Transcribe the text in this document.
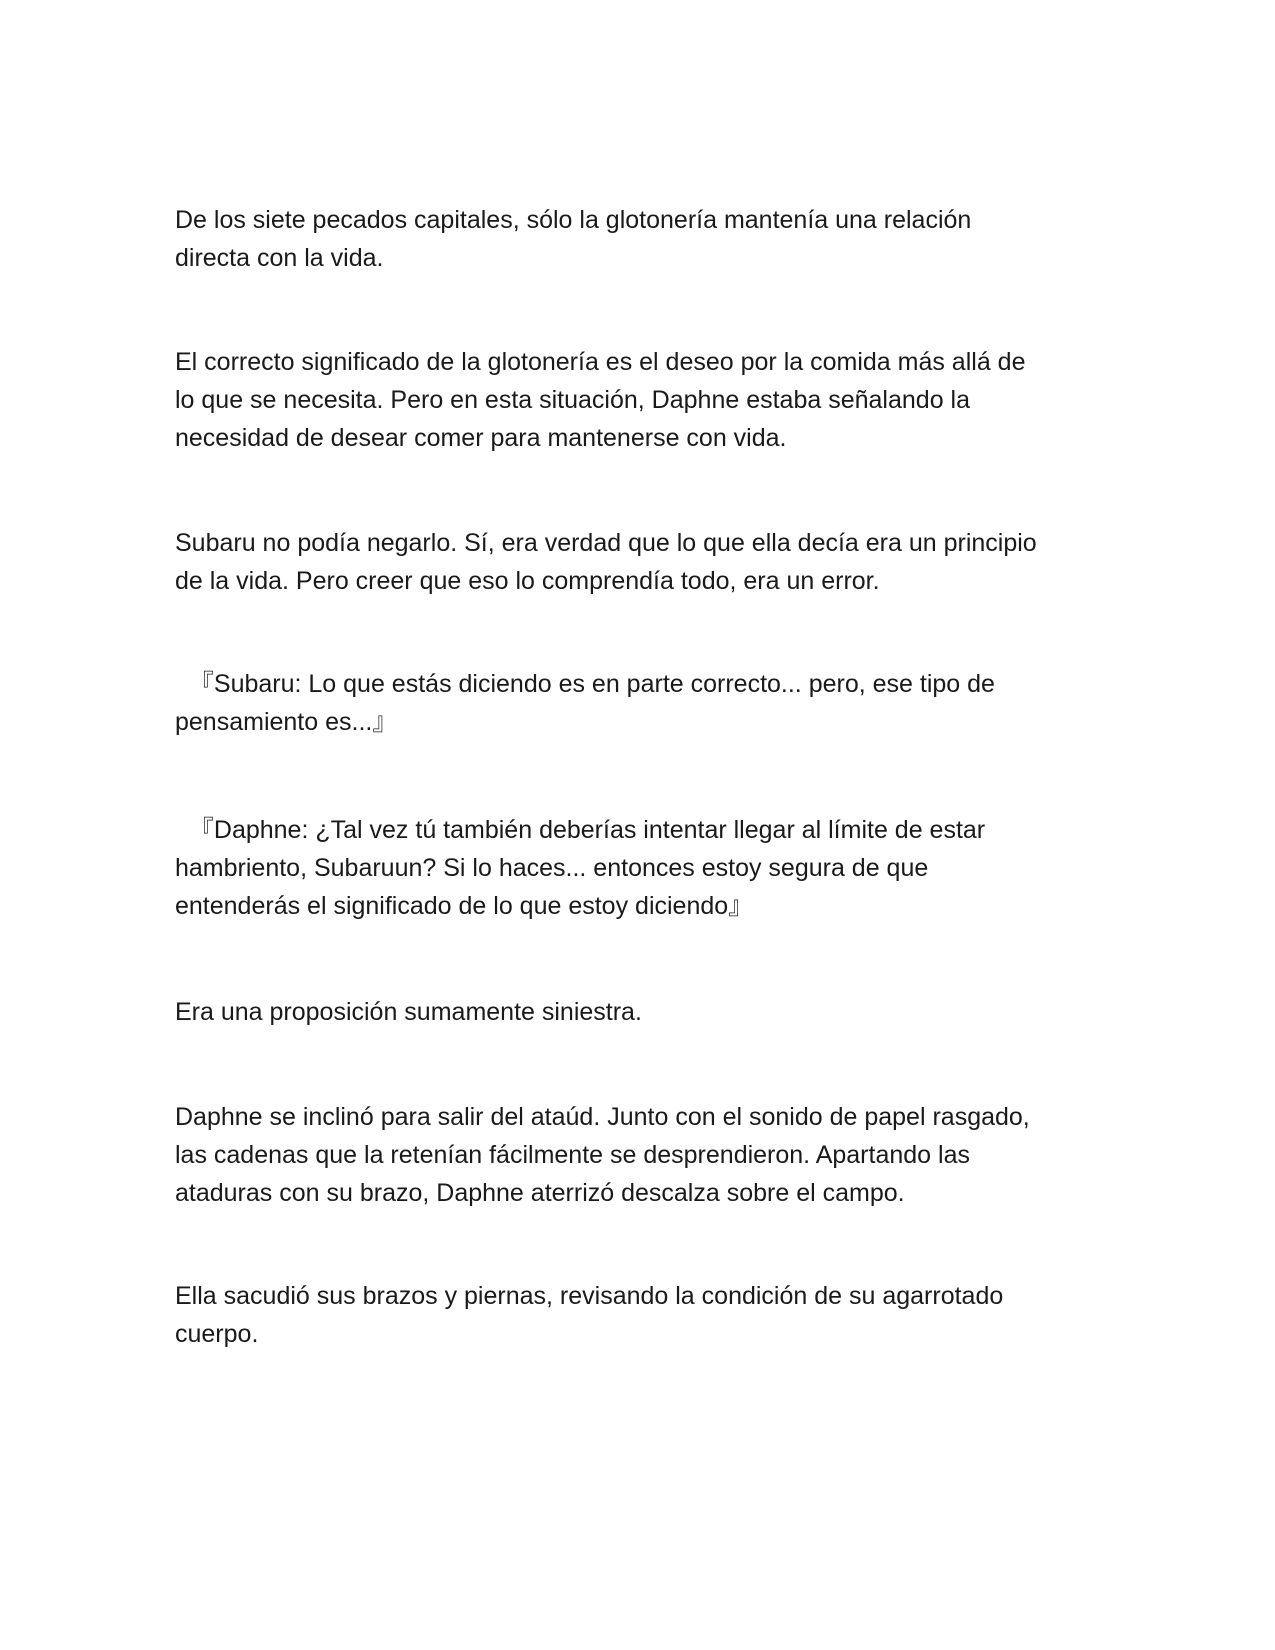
De los siete pecados capitales, sólo la glotonería mantenía una relación
directa con la vida.

El correcto significado de la glotonería es el deseo por la comida más allá de
lo que se necesita. Pero en esta situación, Daphne estaba señalando la
necesidad de desear comer para mantenerse con vida.

Subaru no podía negarlo. Sí, era verdad que lo que ella decía era un principio
de la vida. Pero creer que eso lo comprendía todo, era un error.

『Subaru: Lo que estás diciendo es en parte correcto... pero, ese tipo de
pensamiento es...』

『Daphne: ¿Tal vez tú también deberías intentar llegar al límite de estar
hambriento, Subaruun? Si lo haces... entonces estoy segura de que
entenderás el significado de lo que estoy diciendo』

Era una proposición sumamente siniestra.

Daphne se inclinó para salir del ataúd. Junto con el sonido de papel rasgado,
las cadenas que la retenían fácilmente se desprendieron. Apartando las
ataduras con su brazo, Daphne aterrizó descalza sobre el campo.

Ella sacudió sus brazos y piernas, revisando la condición de su agarrotado
cuerpo.
